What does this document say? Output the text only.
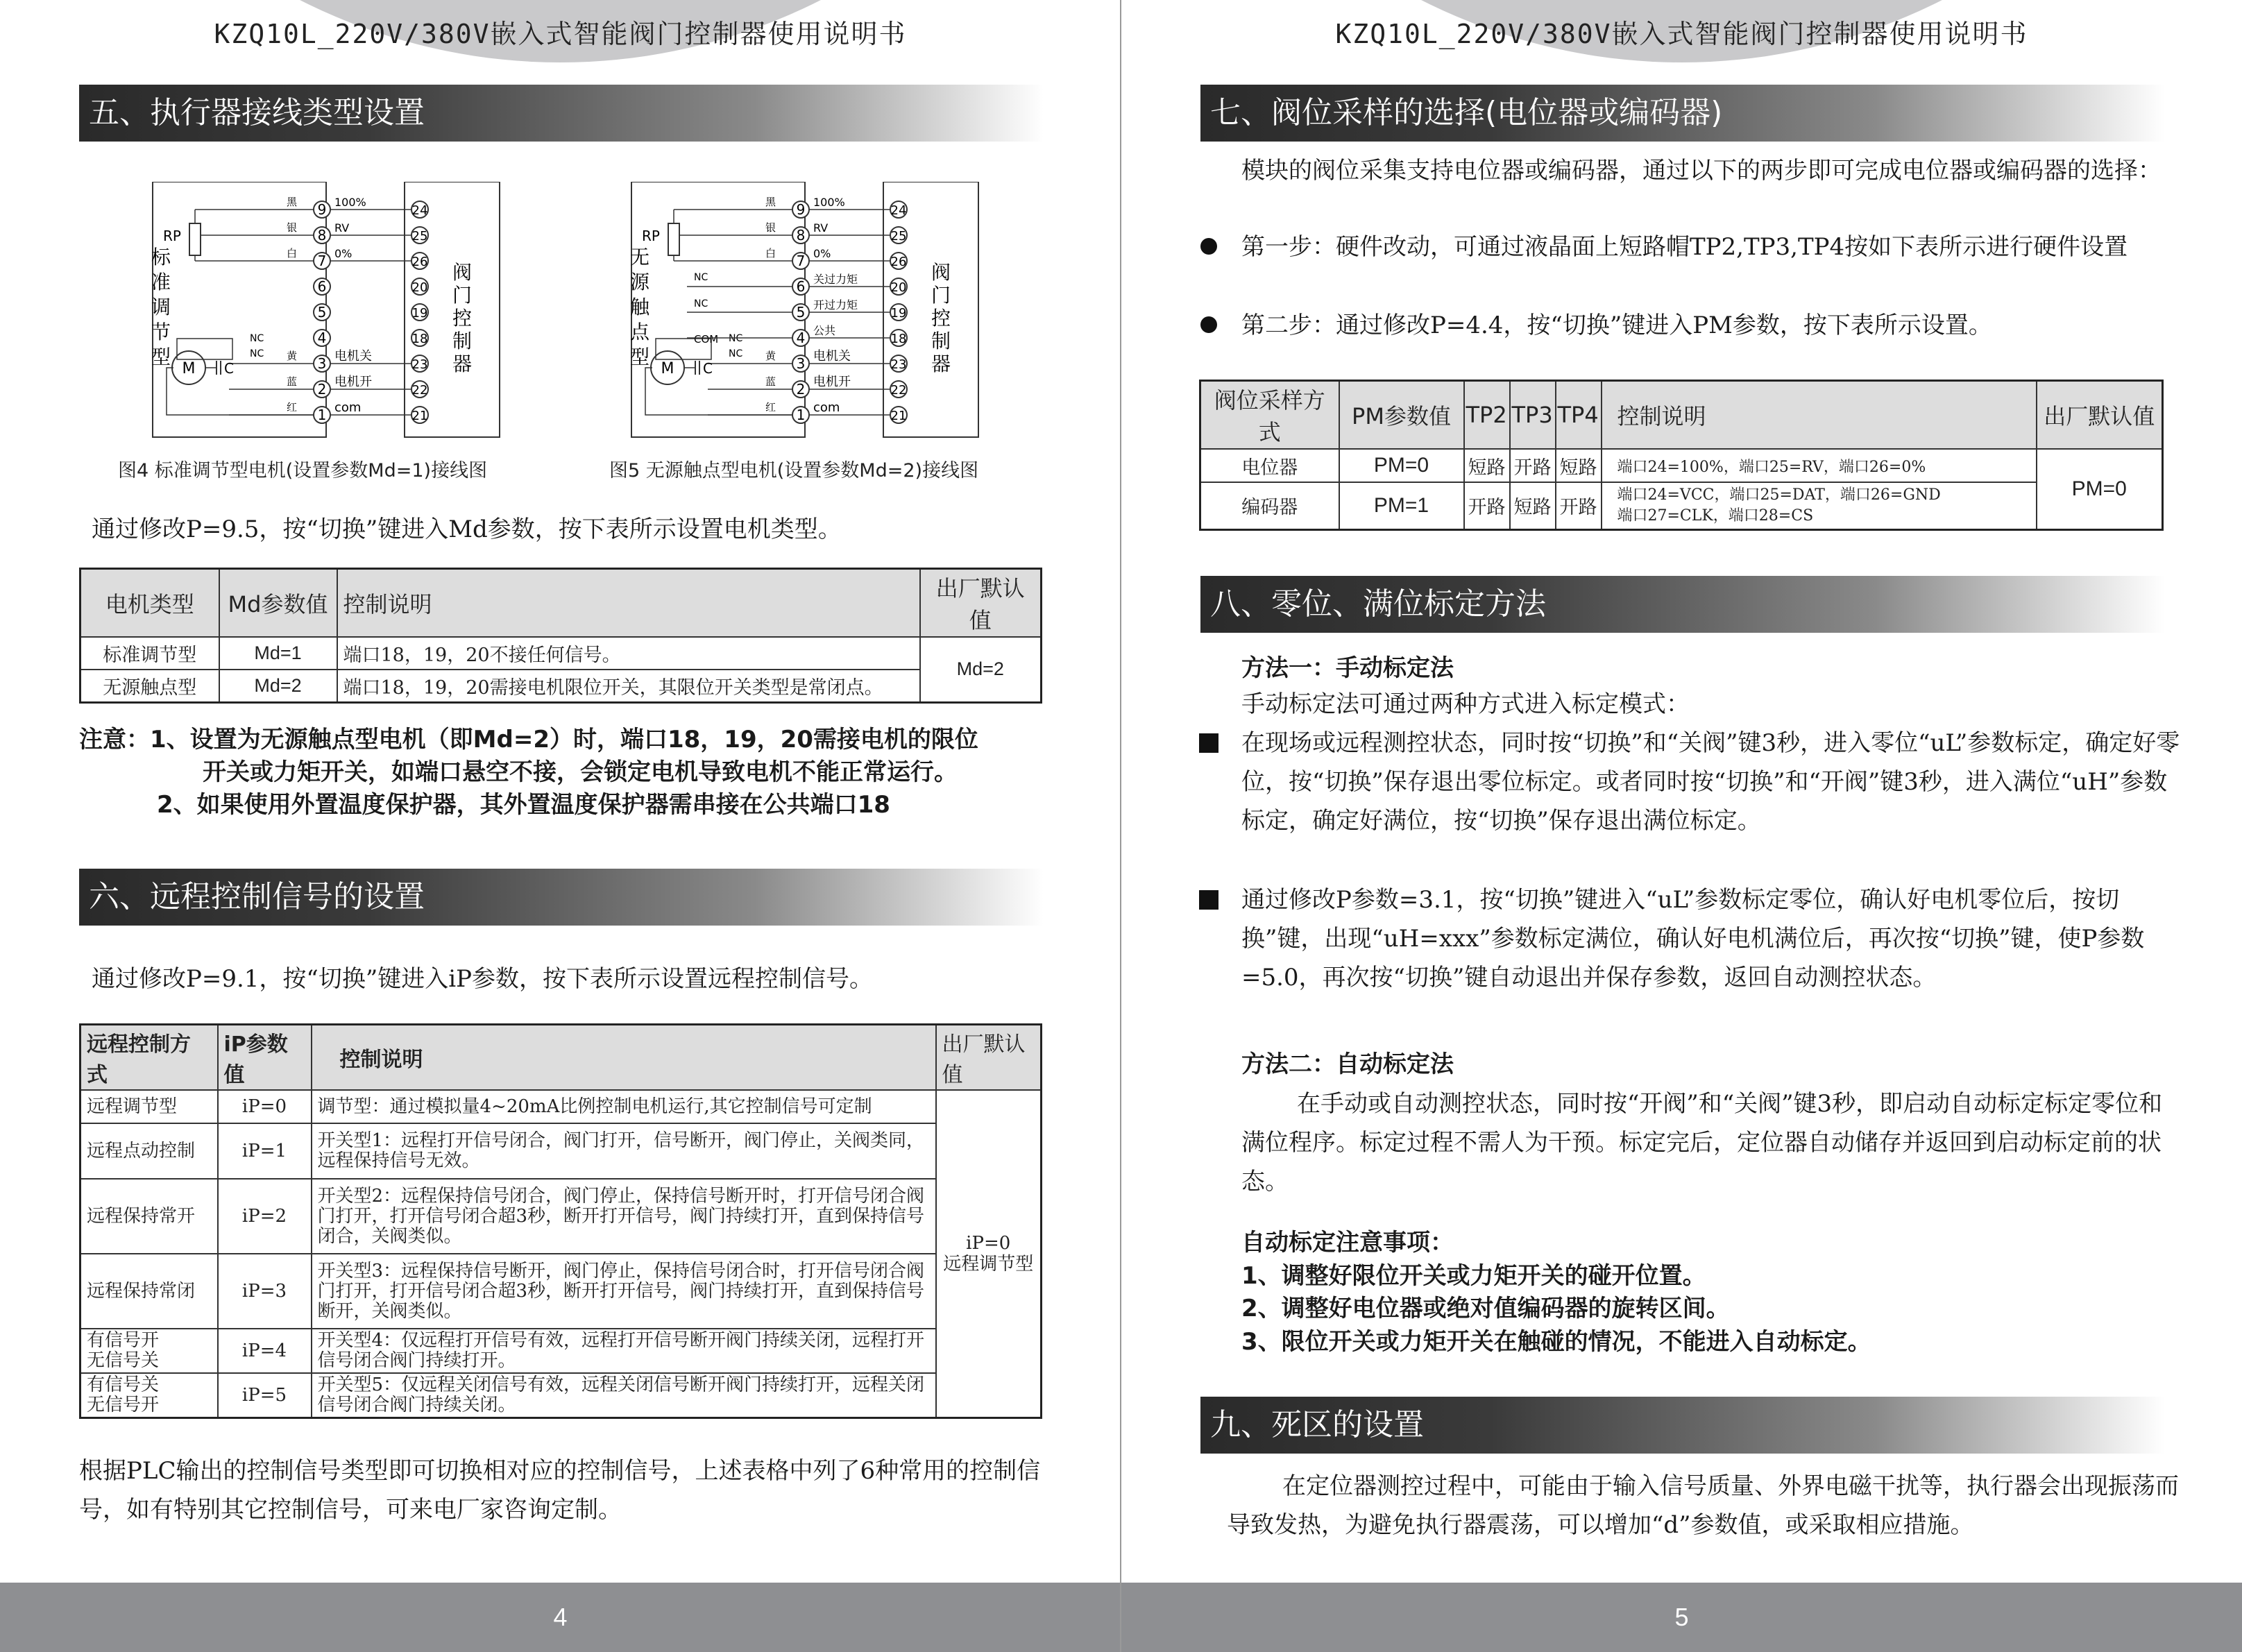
KZQ10L_220V/380V嵌入式智能阀门控制器使用说明书
五、执行器接线类型设置
9	24
8	25
7	26
6	20
5	19
4	18
3	23
2	22
1	21
100%
RV
0%
电机关
电机开
com
黑
银
白
黄
蓝
红
RP
标
准
调
节
型
阀
门
控
制
器
M C
NC
NC
图4 标准调节型电机(设置参数Md=1)接线图
9	24
8	25
7	26
6	20
5	19
4	18
3	23
2	22
1	21
100%
RV
0%
关过力矩
开过力矩
公共
电机关
电机开
com
黑
银
白
黄
蓝
红
RP
无
源
触
点
型
阀
门
控
制
器
M C
NC
NC
NC
NC
COM
图5 无源触点型电机(设置参数Md=2)接线图
通过修改P=9.5，按“切换”键进入Md参数，按下表所示设置电机类型。
电机类型	Md参数值	控制说明	出厂默认值
标准调节型	Md=1	端口18，19，20不接任何信号。	Md=2
无源触点型	Md=2	端口18，19，20需接电机限位开关，其限位开关类型是常闭点。	
注意：1、设置为无源触点型电机（即Md=2）时，端口18，19，20需接电机的限位
开关或力矩开关，如端口悬空不接，会锁定电机导致电机不能正常运行。
2、如果使用外置温度保护器，其外置温度保护器需串接在公共端口18
六、远程控制信号的设置
通过修改P=9.1，按“切换”键进入iP参数，按下表所示设置远程控制信号。
远程控制方式	iP参数值	控制说明	出厂默认值
远程调节型	iP=0	调节型：通过模拟量4~20mA比例控制电机运行,其它控制信号可定制	iP=0
远程调节型
远程点动控制	iP=1	开关型1：远程打开信号闭合，阀门打开，信号断开，阀门停止，关阀类同，远程保持信号无效。	
远程保持常开	iP=2	开关型2：远程保持信号闭合，阀门停止，保持信号断开时，打开信号闭合阀门打开，打开信号闭合超3秒，断开打开信号，阀门持续打开，直到保持信号闭合，关阀类似。	
远程保持常闭	iP=3	开关型3：远程保持信号断开，阀门停止，保持信号闭合时，打开信号闭合阀门打开，打开信号闭合超3秒，断开打开信号，阀门持续打开，直到保持信号断开，关阀类似。	
有信号开
无信号关	iP=4	开关型4：仅远程打开信号有效，远程打开信号断开阀门持续关闭，远程打开信号闭合阀门持续打开。	
有信号关
无信号开	iP=5	开关型5：仅远程关闭信号有效，远程关闭信号断开阀门持续打开，远程关闭信号闭合阀门持续关闭。	
根据PLC输出的控制信号类型即可切换相对应的控制信号，上述表格中列了6种常用的控制信号，如有特别其它控制信号，可来电厂家咨询定制。
4
KZQ10L_220V/380V嵌入式智能阀门控制器使用说明书
七、阀位采样的选择(电位器或编码器)
模块的阀位采集支持电位器或编码器，通过以下的两步即可完成电位器或编码器的选择：
第一步：硬件改动，可通过液晶面上短路帽TP2,TP3,TP4按如下表所示进行硬件设置
第二步：通过修改P=4.4，按“切换”键进入PM参数，按下表所示设置。
阀位采样方式	PM参数值	TP2	TP3	TP4	控制说明	出厂默认值
电位器	PM=0	短路	开路	短路	端口24=100%，端口25=RV，端口26=0%	PM=0
编码器	PM=1	开路	短路	开路	端口24=VCC，端口25=DAT，端口26=GND
端口27=CLK，端口28=CS	
八、零位、满位标定方法
方法一：手动标定法
手动标定法可通过两种方式进入标定模式：
在现场或远程测控状态，同时按“切换”和“关阀”键3秒，进入零位“uL”参数标定，确定好零位，按“切换”保存退出零位标定。或者同时按“切换”和“开阀”键3秒，进入满位“uH”参数标定，确定好满位，按“切换”保存退出满位标定。
通过修改P参数=3.1，按“切换”键进入“uL”参数标定零位，确认好电机零位后，按切换”键，出现“uH=xxx”参数标定满位，确认好电机满位后，再次按“切换”键，使P参数=5.0，再次按“切换”键自动退出并保存参数，返回自动测控状态。
方法二：自动标定法
在手动或自动测控状态，同时按“开阀”和“关阀”键3秒，即启动自动标定标定零位和满位程序。标定过程不需人为干预。标定完后，定位器自动储存并返回到启动标定前的状态。
自动标定注意事项：
1、调整好限位开关或力矩开关的碰开位置。
2、调整好电位器或绝对值编码器的旋转区间。
3、限位开关或力矩开关在触碰的情况，不能进入自动标定。
九、死区的设置
在定位器测控过程中，可能由于输入信号质量、外界电磁干扰等，执行器会出现振荡而导致发热，为避免执行器震荡，可以增加“d”参数值，或采取相应措施。
5
